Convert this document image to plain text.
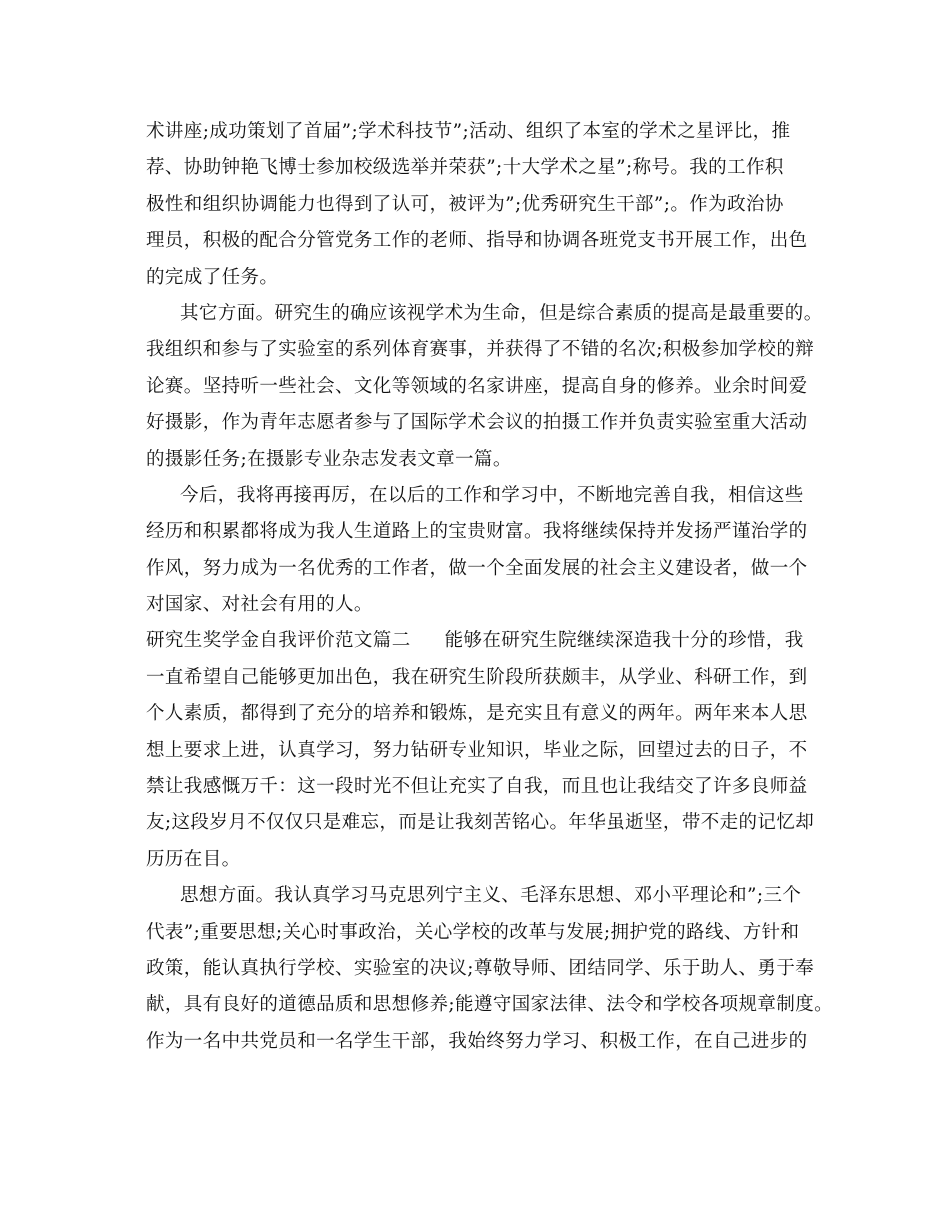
术讲座;成功策划了首届”;学术科技节”;活动、组织了本室的学术之星评比，推
荐、协助钟艳飞博士参加校级选举并荣获”;十大学术之星”;称号。我的工作积
极性和组织协调能力也得到了认可，被评为”;优秀研究生干部”;。作为政治协
理员，积极的配合分管党务工作的老师、指导和协调各班党支书开展工作，出色
的完成了任务。
其它方面。研究生的确应该视学术为生命，但是综合素质的提高是最重要的。
我组织和参与了实验室的系列体育赛事，并获得了不错的名次;积极参加学校的辩
论赛。坚持听一些社会、文化等领域的名家讲座，提高自身的修养。业余时间爱
好摄影，作为青年志愿者参与了国际学术会议的拍摄工作并负责实验室重大活动
的摄影任务;在摄影专业杂志发表文章一篇。
今后，我将再接再厉，在以后的工作和学习中，不断地完善自我，相信这些
经历和积累都将成为我人生道路上的宝贵财富。我将继续保持并发扬严谨治学的
作风，努力成为一名优秀的工作者，做一个全面发展的社会主义建设者，做一个
对国家、对社会有用的人。
研究生奖学金自我评价范文篇二 能够在研究生院继续深造我十分的珍惜，我
一直希望自己能够更加出色，我在研究生阶段所获颇丰，从学业、科研工作，到
个人素质，都得到了充分的培养和锻炼，是充实且有意义的两年。两年来本人思
想上要求上进，认真学习，努力钻研专业知识，毕业之际，回望过去的日子，不
禁让我感慨万千：这一段时光不但让充实了自我，而且也让我结交了许多良师益
友;这段岁月不仅仅只是难忘，而是让我刻苦铭心。年华虽逝坚，带不走的记忆却
历历在目。
思想方面。我认真学习马克思列宁主义、毛泽东思想、邓小平理论和”;三个
代表”;重要思想;关心时事政治，关心学校的改革与发展;拥护党的路线、方针和
政策，能认真执行学校、实验室的决议;尊敬导师、团结同学、乐于助人、勇于奉
献，具有良好的道德品质和思想修养;能遵守国家法律、法令和学校各项规章制度。
作为一名中共党员和一名学生干部，我始终努力学习、积极工作，在自己进步的
